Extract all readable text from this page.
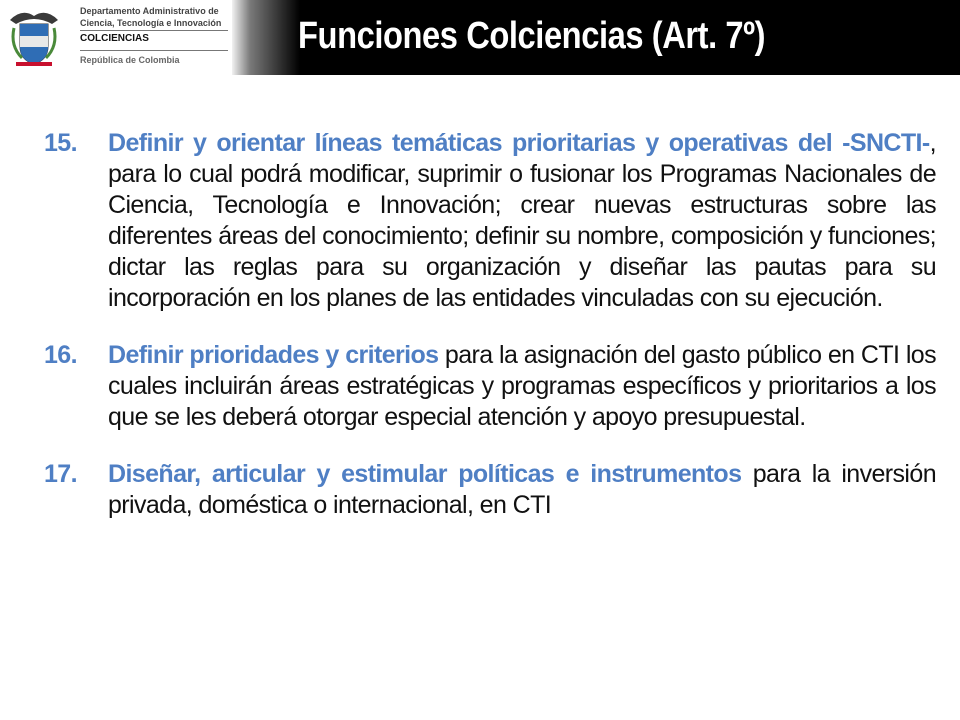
Departamento Administrativo de
Ciencia, Tecnología e Innovación
COLCIENCIAS
República de Colombia
Funciones Colciencias (Art. 7º)
15. Definir y orientar líneas temáticas prioritarias y operativas del -SNCTI-, para lo cual podrá modificar, suprimir o fusionar los Programas Nacionales de Ciencia, Tecnología e Innovación; crear nuevas estructuras sobre las diferentes áreas del conocimiento; definir su nombre, composición y funciones; dictar las reglas para su organización y diseñar las pautas para su incorporación en los planes de las entidades vinculadas con su ejecución.
16. Definir prioridades y criterios para la asignación del gasto público en CTI los cuales incluirán áreas estratégicas y programas específicos y prioritarios a los que se les deberá otorgar especial atención y apoyo presupuestal.
17. Diseñar, articular y estimular políticas e instrumentos para la inversión privada, doméstica o internacional, en CTI
